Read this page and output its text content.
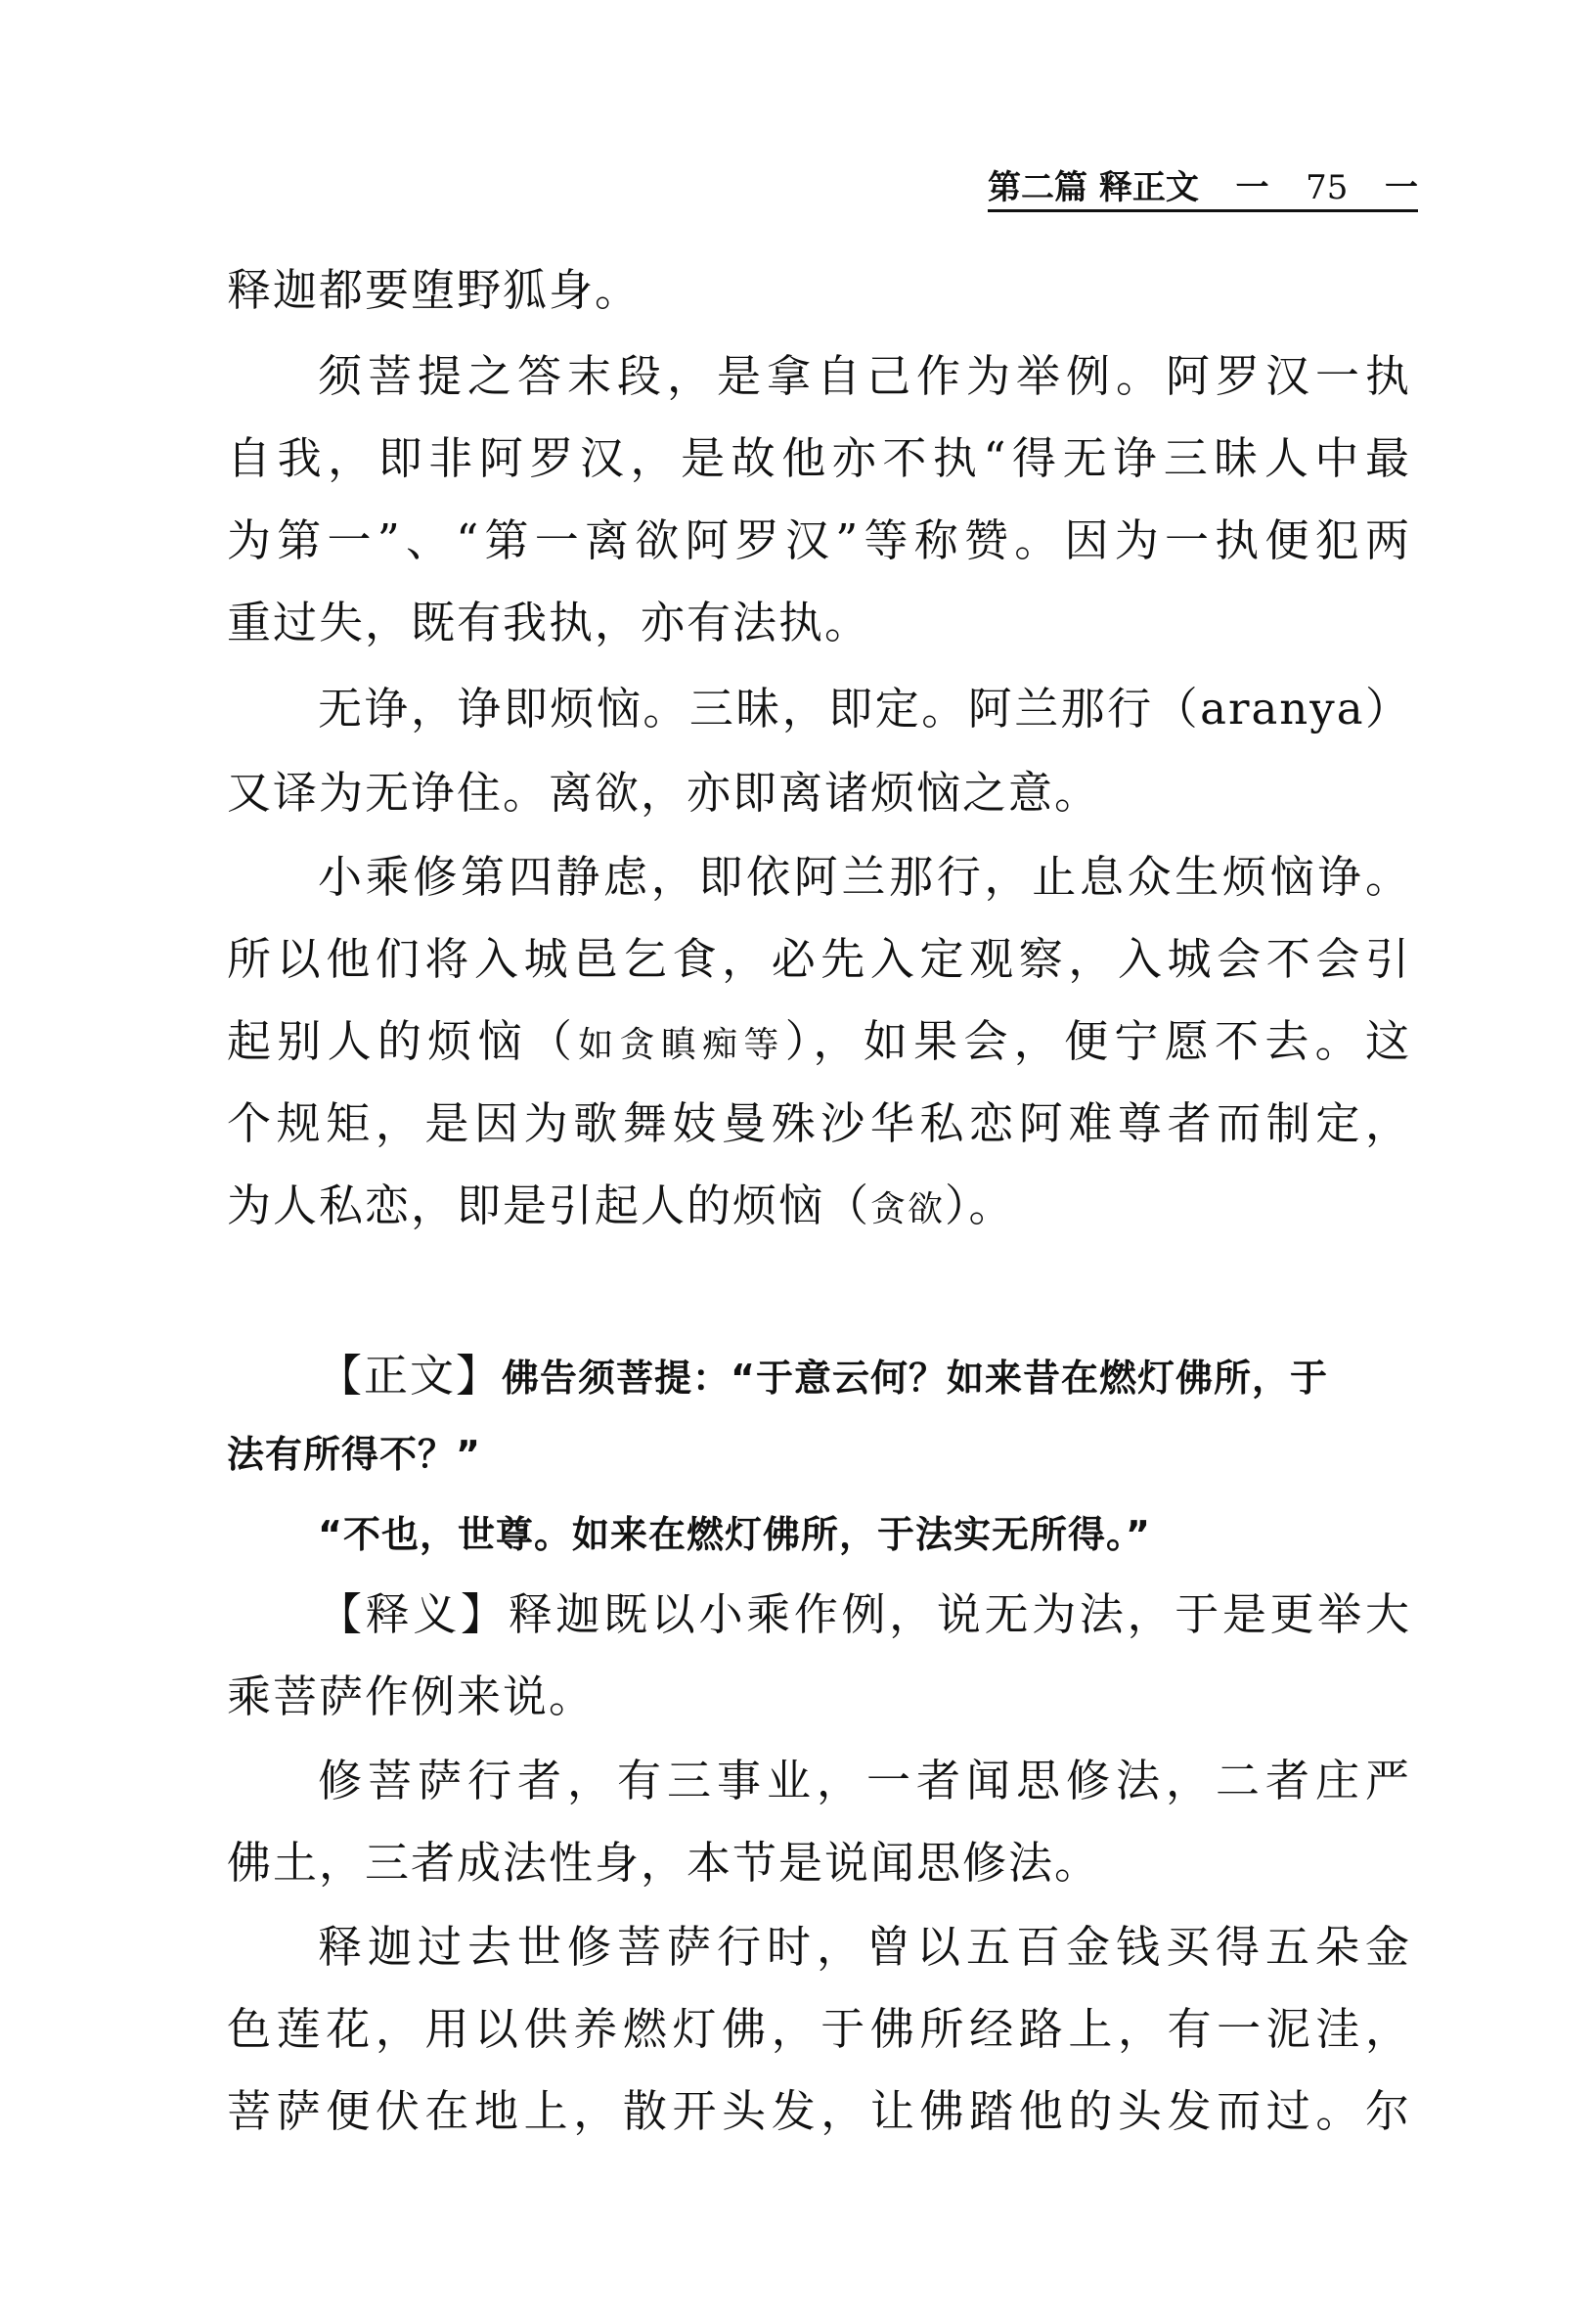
第二篇 释正文 一 75 一
释迦都要堕野狐身。
须菩提之答末段，是拿自己作为举例。阿罗汉一执
自我，即非阿罗汉，是故他亦不执“得无诤三昧人中最
为第一”、“第一离欲阿罗汉”等称赞。因为一执便犯两
重过失，既有我执，亦有法执。
无诤，诤即烦恼。三昧，即定。阿兰那行（aranya）
又译为无诤住。离欲，亦即离诸烦恼之意。
小乘修第四静虑，即依阿兰那行，止息众生烦恼诤。
所以他们将入城邑乞食，必先入定观察，入城会不会引
起别人的烦恼（如贪瞋痴等），如果会，便宁愿不去。这
个规矩，是因为歌舞妓曼殊沙华私恋阿难尊者而制定，
为人私恋，即是引起人的烦恼（贪欲）。
【正文】佛告须菩提：“于意云何？如来昔在燃灯佛所，于
法有所得不？”
“不也，世尊。如来在燃灯佛所，于法实无所得。”
【释义】释迦既以小乘作例，说无为法，于是更举大
乘菩萨作例来说。
修菩萨行者，有三事业，一者闻思修法，二者庄严
佛土，三者成法性身，本节是说闻思修法。
释迦过去世修菩萨行时，曾以五百金钱买得五朵金
色莲花，用以供养燃灯佛，于佛所经路上，有一泥洼，
菩萨便伏在地上，散开头发，让佛踏他的头发而过。尔
